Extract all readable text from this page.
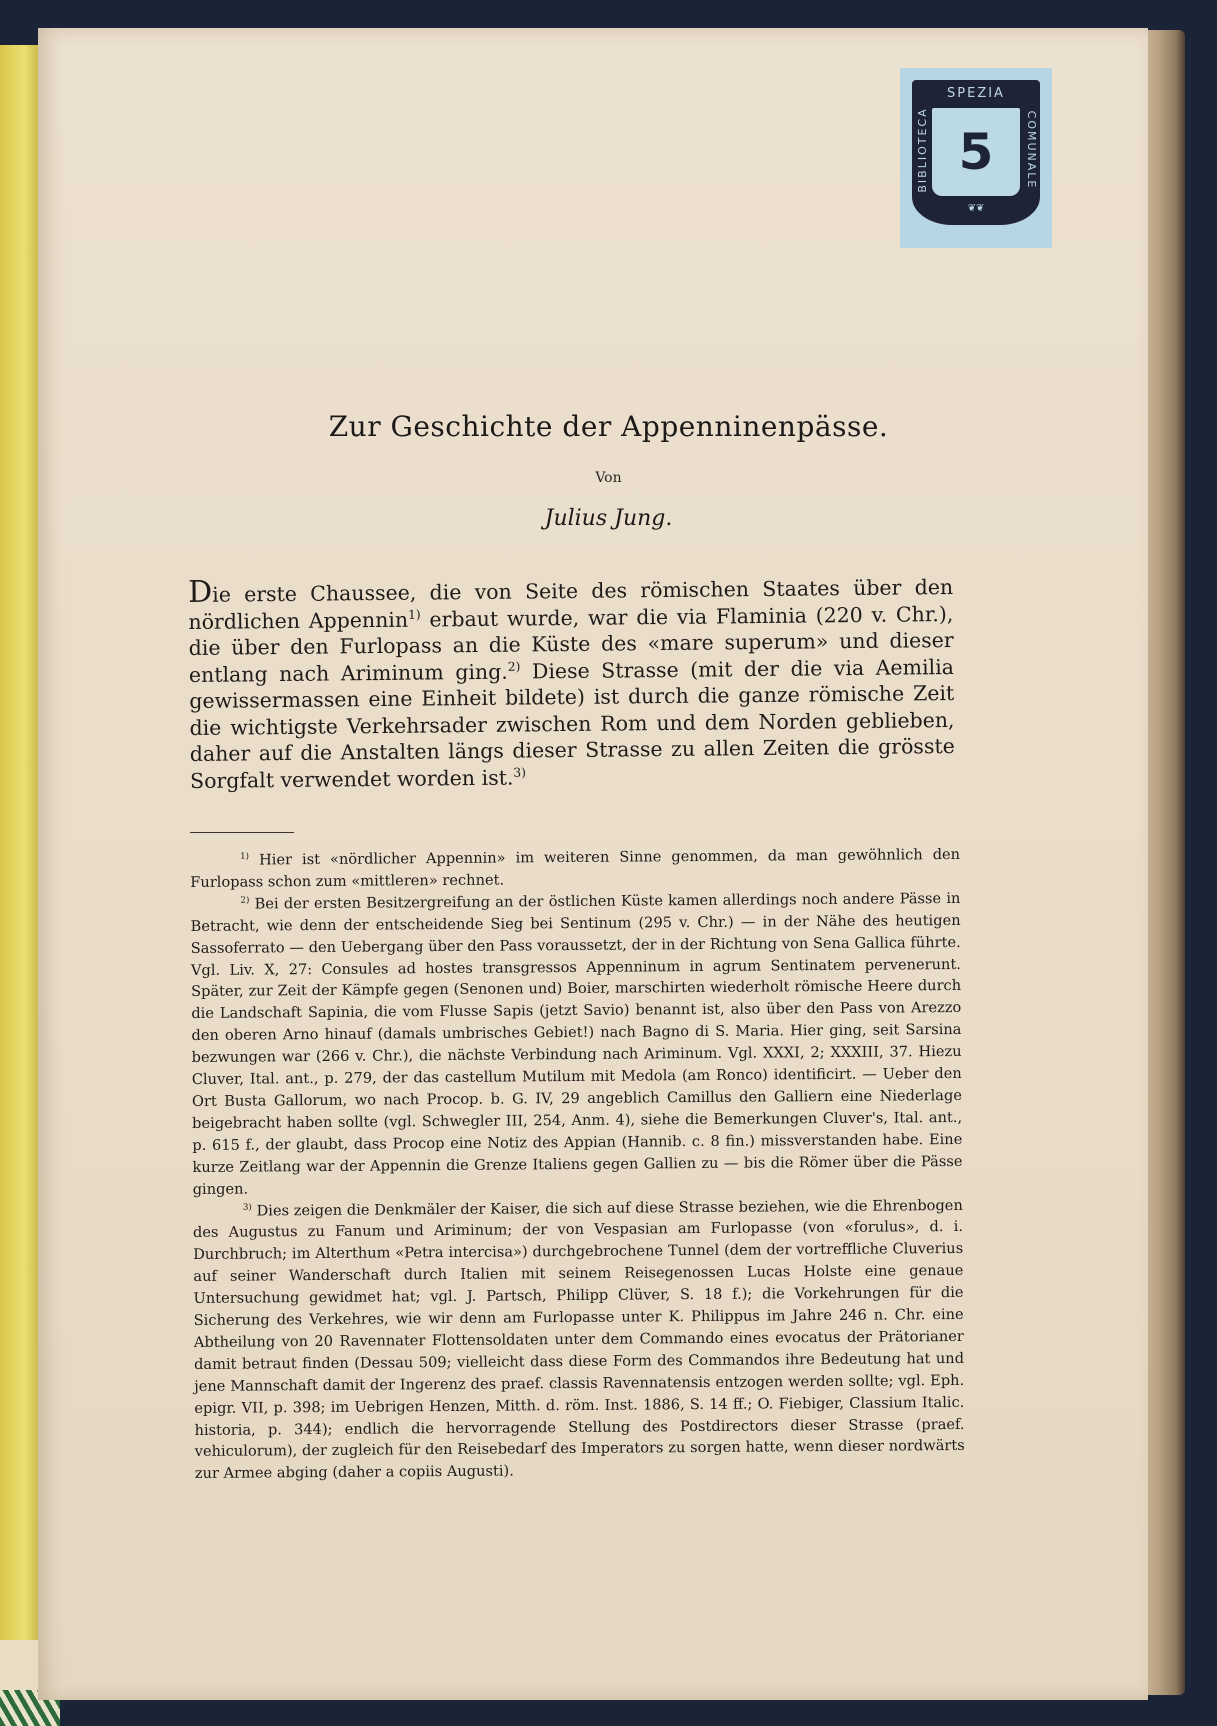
SPEZIA
BIBLIOTECA	COMUNALE
5
❦❦
Zur Geschichte der Appenninenpässe.
Von
Julius Jung.
Die erste Chaussee, die von Seite des römischen Staates über den nördlichen Appennin$^{1)}$ erbaut wurde, war die via Flaminia (220 v. Chr.), die über den Furlopass an die Küste des «mare superum» und dieser entlang nach Ariminum ging.$^{2)}$ Diese Strasse (mit der die via Aemilia gewissermassen eine Einheit bildete) ist durch die ganze römische Zeit die wichtigste Verkehrsader zwischen Rom und dem Norden geblieben, daher auf die Anstalten längs dieser Strasse zu allen Zeiten die grösste Sorgfalt verwendet worden ist.$^{3)}$

$^{1)}$ Hier ist «nördlicher Appennin» im weiteren Sinne genommen, da man gewöhnlich den Furlopass schon zum «mittleren» rechnet.

$^{2)}$ Bei der ersten Besitzergreifung an der östlichen Küste kamen allerdings noch andere Pässe in Betracht, wie denn der entscheidende Sieg bei Sentinum (295 v. Chr.) — in der Nähe des heutigen Sassoferrato — den Uebergang über den Pass voraussetzt, der in der Richtung von Sena Gallica führte. Vgl. Liv. X, 27: Consules ad hostes transgressos Appenninum in agrum Sentinatem pervenerunt. Später, zur Zeit der Kämpfe gegen (Senonen und) Boier, marschirten wiederholt römische Heere durch die Landschaft Sapinia, die vom Flusse Sapis (jetzt Savio) benannt ist, also über den Pass von Arezzo den oberen Arno hinauf (damals umbrisches Gebiet!) nach Bagno di S. Maria. Hier ging, seit Sarsina bezwungen war (266 v. Chr.), die nächste Verbindung nach Ariminum. Vgl. XXXI, 2; XXXIII, 37. Hiezu Cluver, Ital. ant., p. 279, der das castellum Mutilum mit Medola (am Ronco) identificirt. — Ueber den Ort Busta Gallorum, wo nach Procop. b. G. IV, 29 angeblich Camillus den Galliern eine Niederlage beigebracht haben sollte (vgl. Schwegler III, 254, Anm. 4), siehe die Bemerkungen Cluver's, Ital. ant., p. 615 f., der glaubt, dass Procop eine Notiz des Appian (Hannib. c. 8 fin.) missverstanden habe. Eine kurze Zeitlang war der Appennin die Grenze Italiens gegen Gallien zu — bis die Römer über die Pässe gingen.

$^{3)}$ Dies zeigen die Denkmäler der Kaiser, die sich auf diese Strasse beziehen, wie die Ehrenbogen des Augustus zu Fanum und Ariminum; der von Vespasian am Furlopasse (von «forulus», d. i. Durchbruch; im Alterthum «Petra intercisa») durchgebrochene Tunnel (dem der vortreffliche Cluverius auf seiner Wanderschaft durch Italien mit seinem Reisegenossen Lucas Holste eine genaue Untersuchung gewidmet hat; vgl. J. Partsch, Philipp Clüver, S. 18 f.); die Vorkehrungen für die Sicherung des Verkehres, wie wir denn am Furlopasse unter K. Philippus im Jahre 246 n. Chr. eine Abtheilung von 20 Ravennater Flottensoldaten unter dem Commando eines evocatus der Prätorianer damit betraut finden (Dessau 509; vielleicht dass diese Form des Commandos ihre Bedeutung hat und jene Mannschaft damit der Ingerenz des praef. classis Ravennatensis entzogen werden sollte; vgl. Eph. epigr. VII, p. 398; im Uebrigen Henzen, Mitth. d. röm. Inst. 1886, S. 14 ff.; O. Fiebiger, Classium Italic. historia, p. 344); endlich die hervorragende Stellung des Postdirectors dieser Strasse (praef. vehiculorum), der zugleich für den Reisebedarf des Imperators zu sorgen hatte, wenn dieser nordwärts zur Armee abging (daher a copiis Augusti).
